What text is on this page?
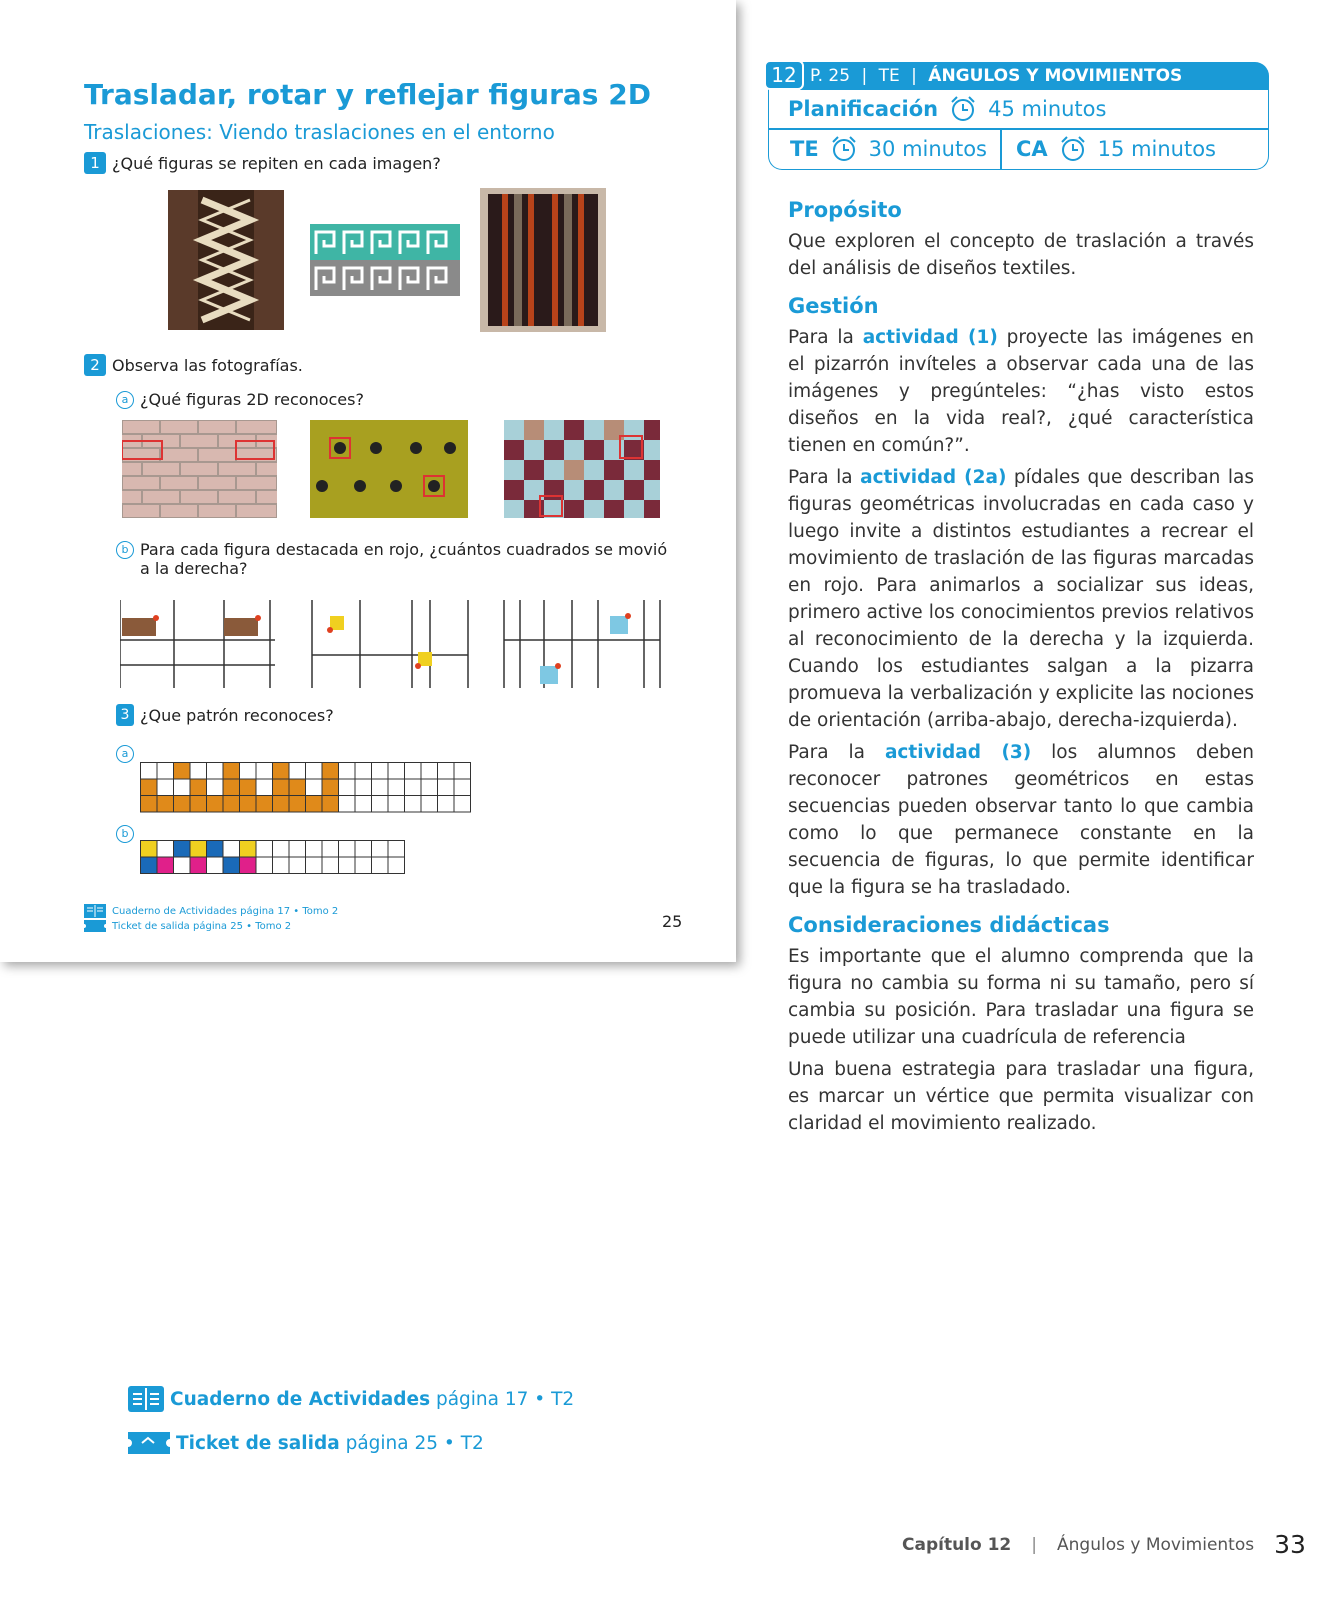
Trasladar, rotar y reflejar figuras 2D
Traslaciones: Viendo traslaciones en el entorno
1 ¿Qué figuras se repiten en cada imagen?
2 Observa las fotografías.
a ¿Qué figuras 2D reconoces?
b Para cada figura destacada en rojo, ¿cuántos cuadrados se movió
a la derecha?
3 ¿Que patrón reconoces?
a
b
Cuaderno de Actividades página 17 • Tomo 2
Ticket de salida página 25 • Tomo 2	25
P. 25 | TE | ÁNGULOS Y MOVIMIENTOS
12
Planificación 45 minutos
TE 30 minutos CA 15 minutos
Propósito

Que exploren el concepto de traslación a través del análisis de diseños textiles.

Gestión

Para la actividad (1) proyecte las imágenes en el pizarrón invíteles a observar cada una de las imágenes y pregúnteles: “¿has visto estos diseños en la vida real?, ¿qué característica tienen en común?”.

Para la actividad (2a) pídales que describan las figuras geométricas involucradas en cada caso y luego invite a distintos estudiantes a recrear el movimiento de traslación de las figuras marcadas en rojo. Para animarlos a socializar sus ideas, primero active los conocimientos previos relativos al reconocimiento de la derecha y la izquierda. Cuando los estudiantes salgan a la pizarra promueva la verbalización y explicite las nociones de orientación (arriba-abajo, derecha-izquierda).

Para la actividad (3) los alumnos deben reconocer patrones geométricos en estas secuencias pueden observar tanto lo que cambia como lo que permanece constante en la secuencia de figuras, lo que permite identificar que la figura se ha trasladado.

Consideraciones didácticas

Es importante que el alumno comprenda que la figura no cambia su forma ni su tamaño, pero sí cambia su posición. Para trasladar una figura se puede utilizar una cuadrícula de referencia

Una buena estrategia para trasladar una figura, es marcar un vértice que permita visualizar con claridad el movimiento realizado.

Cuaderno de Actividades página 17 • T2
Ticket de salida página 25 • T2
Capítulo 12 | Ángulos y Movimientos 33
